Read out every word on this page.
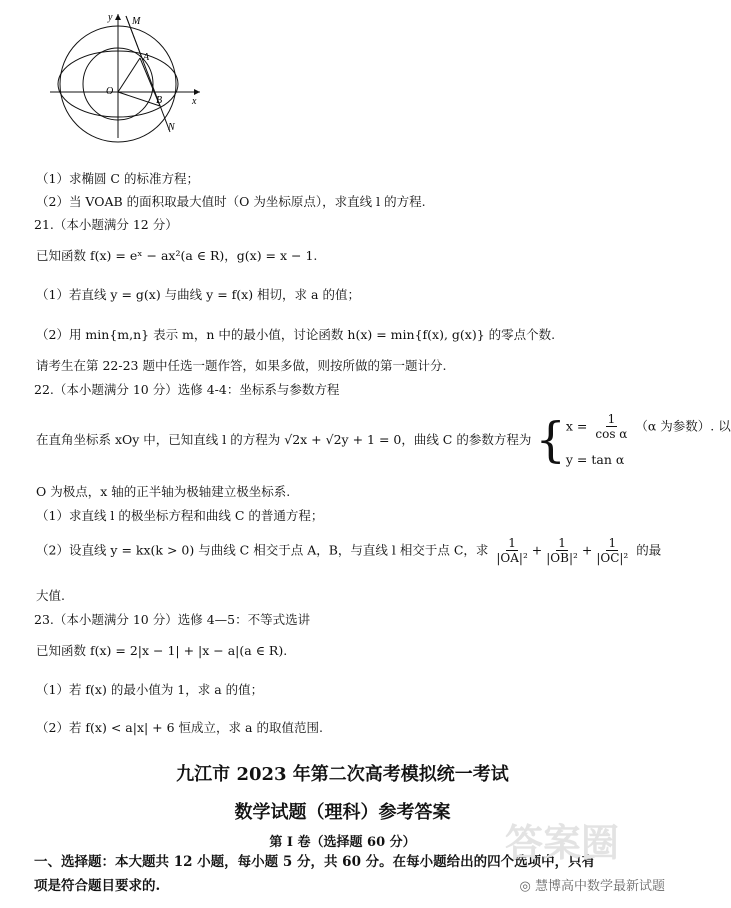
y M
A
O
x
B
N
（1）求椭圆 C 的标准方程；
（2）当 VOAB 的面积取最大值时（O 为坐标原点），求直线 l 的方程.
21.（本小题满分 12 分）
已知函数 f(x) = eˣ − ax²(a ∈ R)，g(x) = x − 1.
（1）若直线 y = g(x) 与曲线 y = f(x) 相切，求 a 的值；
（2）用 min{m,n} 表示 m，n 中的最小值，讨论函数 h(x) = min{f(x), g(x)} 的零点个数.
请考生在第 22-23 题中任选一题作答，如果多做，则按所做的第一题计分.
22.（本小题满分 10 分）选修 4-4：坐标系与参数方程
在直角坐标系 xOy 中，已知直线 l 的方程为 √2x + √2y + 1 = 0，曲线 C 的参数方程为 { $x = \frac{1}{\text{cos α}} (\alpha$ 为参数）. 以
y = tan α
O 为极点，x 轴的正半轴为极轴建立极坐标系.
（1）求直线 l 的极坐标方程和曲线 C 的普通方程；
（2）设直线 y = kx(k > 0) 与曲线 C 相交于点 A，B，与直线 l 相交于点 C，求 $\frac{1}{\text{|OA|²}} + \frac{1}{\text{|OB|²}} + \frac{1}{\text{|OC|²}}$ 的最
大值.
23.（本小题满分 10 分）选修 4—5：不等式选讲
已知函数 f(x) = 2|x − 1| + |x − a|(a ∈ R).
（1）若 f(x) 的最小值为 1，求 a 的值；
（2）若 f(x) < a|x| + 6 恒成立，求 a 的取值范围.
九江市 2023 年第二次高考模拟统一考试
数学试题（理科）参考答案
第 I 卷（选择题 60 分）
一、选择题：本大题共 12 小题，每小题 5 分，共 60 分。在每小题给出的四个选项中，只有
项是符合题目要求的.
答案圈
◎ 慧博高中数学最新试题
